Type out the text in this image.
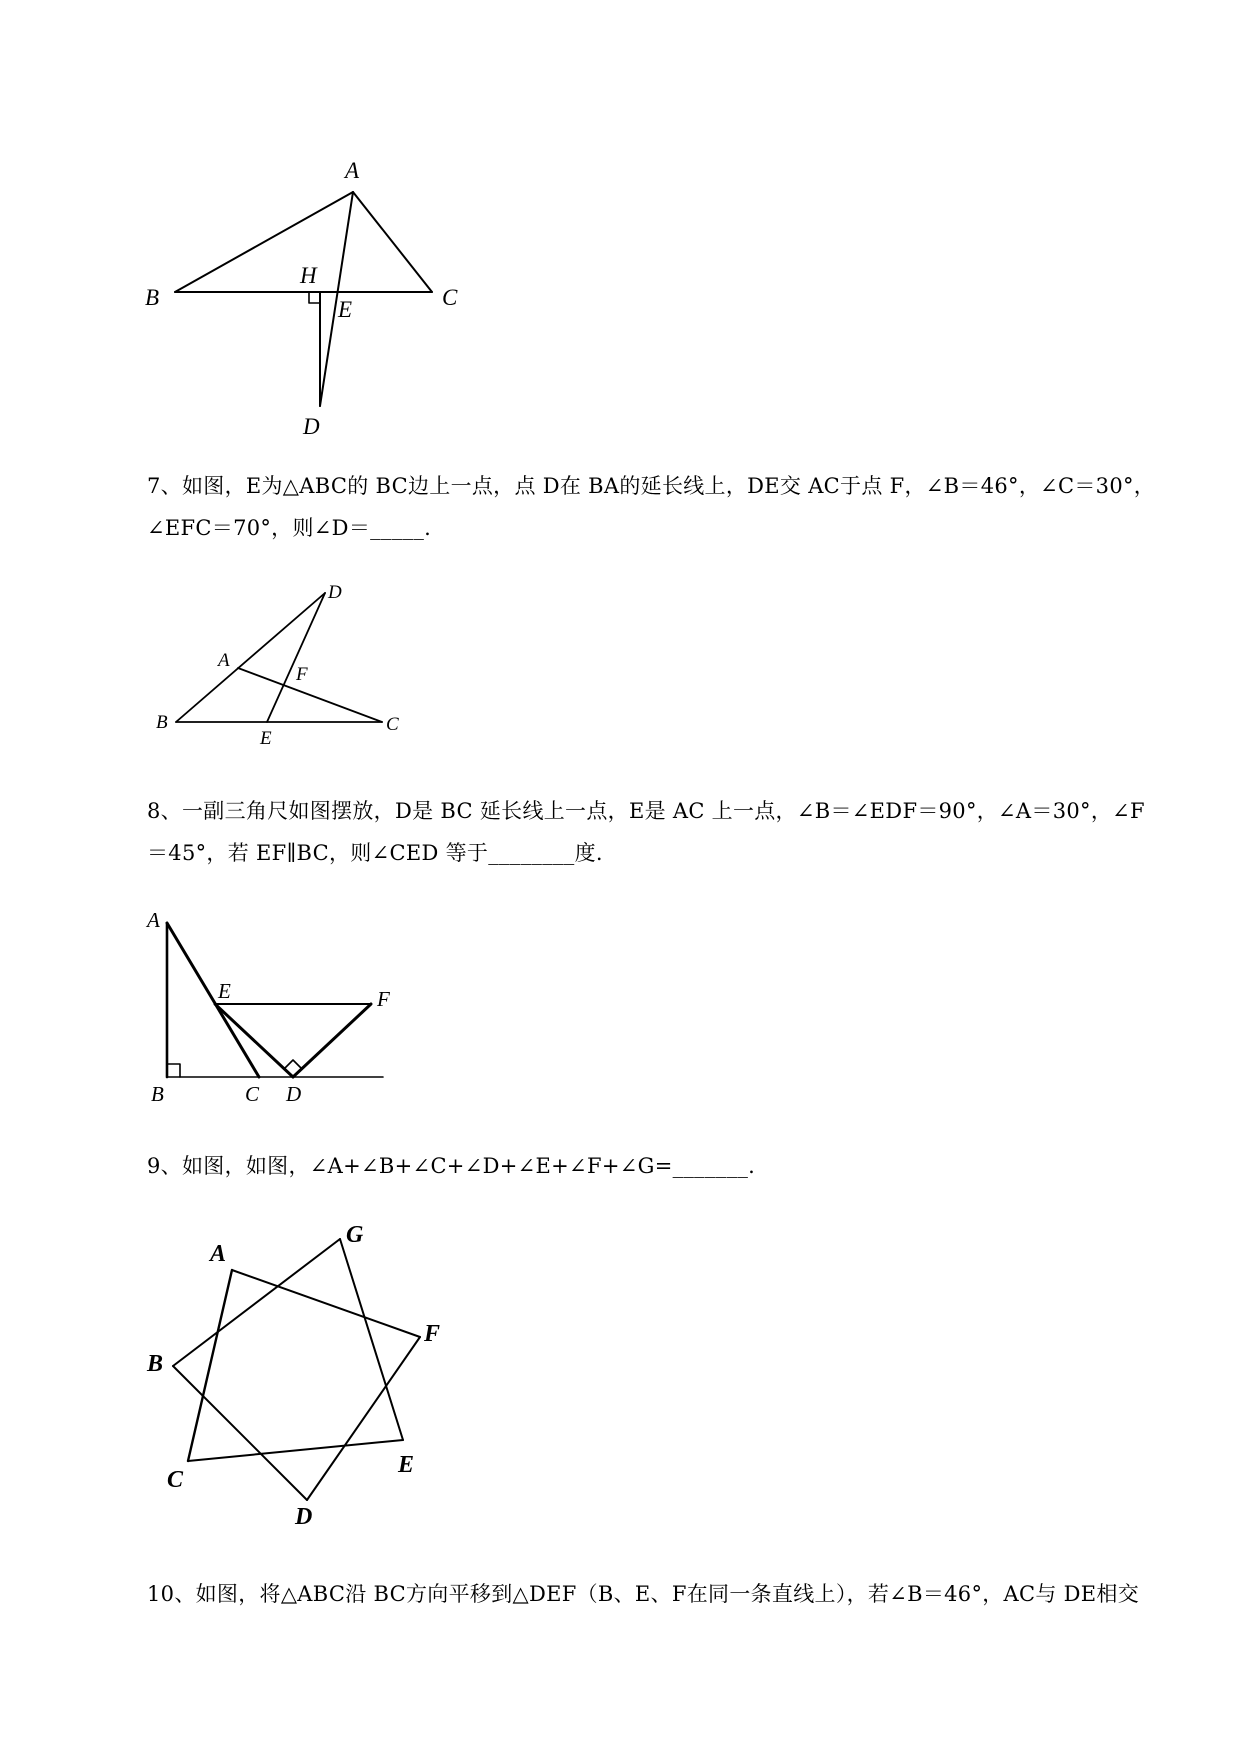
A
B	C
H
E
D

7、如图，E为△ABC的 BC边上一点，点 D在 BA的延长线上，DE交 AC于点 F，∠B＝46°，∠C＝30°，∠EFC＝70°，则∠D＝_____.

D
A
F
B	C
E

8、一副三角尺如图摆放，D是 BC 延长线上一点，E是 AC 上一点，∠B＝∠EDF＝90°，∠A＝30°，∠F＝45°，若 EF∥BC，则∠CED 等于________度.

A
E	F
B	C D

9、如图，如图，∠A+∠B+∠C+∠D+∠E+∠F+∠G=_______.

A
G
F
B
E
C
D

10、如图，将△ABC沿 BC方向平移到△DEF（B、E、F在同一条直线上），若∠B＝46°，AC与 DE相交
